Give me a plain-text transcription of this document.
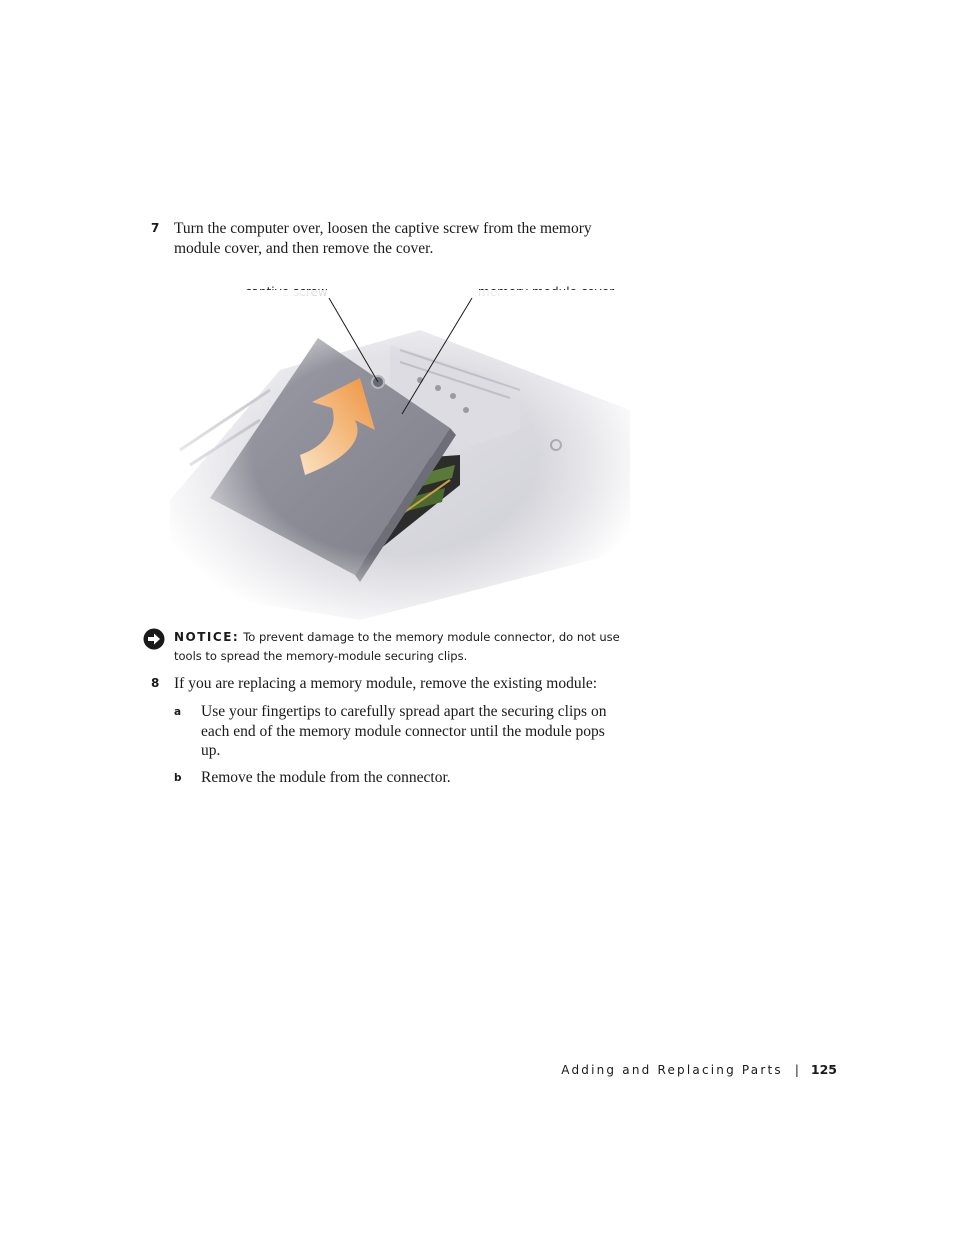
7 Turn the computer over, loosen the captive screw from the memory module cover, and then remove the cover.
NOTICE: To prevent damage to the memory module connector, do not use tools to spread the memory-module securing clips.
8 If you are replacing a memory module, remove the existing module:
a Use your fingertips to carefully spread apart the securing clips on each end of the memory module connector until the module pops up.
b Remove the module from the connector.
Adding and Replacing Parts | 125
